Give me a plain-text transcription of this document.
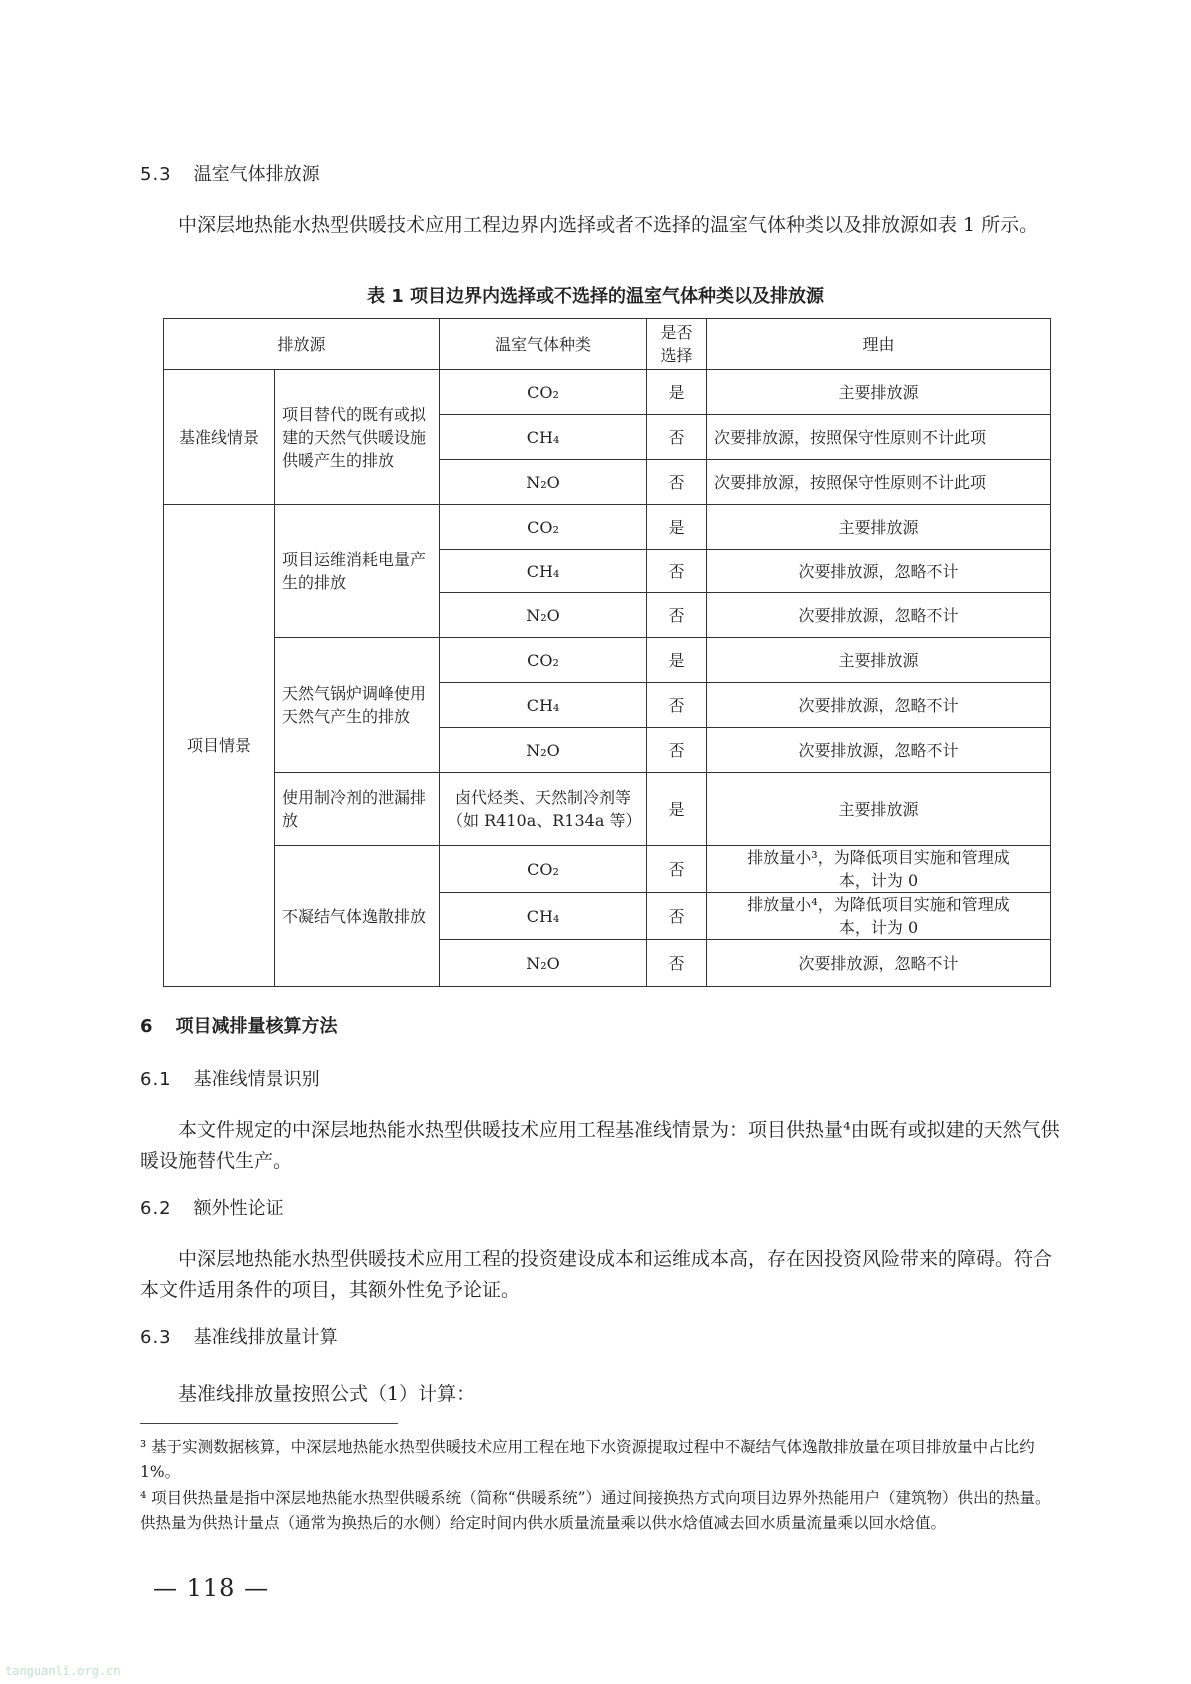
5.3 温室气体排放源
中深层地热能水热型供暖技术应用工程边界内选择或者不选择的温室气体种类以及排放源如表 1 所示。
表 1 项目边界内选择或不选择的温室气体种类以及排放源
排放源		温室气体种类	是否选择	理由
基准线情景	项目替代的既有或拟建的天然气供暖设施供暖产生的排放	CO₂	是	主要排放源
		CH₄	否	次要排放源，按照保守性原则不计此项
		N₂O	否	次要排放源，按照保守性原则不计此项
项目情景	项目运维消耗电量产生的排放	CO₂	是	主要排放源
		CH₄	否	次要排放源，忽略不计
		N₂O	否	次要排放源，忽略不计
	天然气锅炉调峰使用天然气产生的排放	CO₂	是	主要排放源
		CH₄	否	次要排放源，忽略不计
		N₂O	否	次要排放源，忽略不计
	使用制冷剂的泄漏排放	卤代烃类、天然制冷剂等（如 R410a、R134a 等）	是	主要排放源
	不凝结气体逸散排放	CO₂	否	排放量小³，为降低项目实施和管理成本，计为 0
		CH₄	否	排放量小⁴，为降低项目实施和管理成本，计为 0
		N₂O	否	次要排放源，忽略不计
6 项目减排量核算方法
6.1 基准线情景识别
本文件规定的中深层地热能水热型供暖技术应用工程基准线情景为：项目供热量⁴由既有或拟建的天然气供暖设施替代生产。
6.2 额外性论证
中深层地热能水热型供暖技术应用工程的投资建设成本和运维成本高，存在因投资风险带来的障碍。符合本文件适用条件的项目，其额外性免予论证。
6.3 基准线排放量计算
基准线排放量按照公式（1）计算：
³ 基于实测数据核算，中深层地热能水热型供暖技术应用工程在地下水资源提取过程中不凝结气体逸散排放量在项目排放量中占比约 1%。
⁴ 项目供热量是指中深层地热能水热型供暖系统（简称“供暖系统”）通过间接换热方式向项目边界外热能用户（建筑物）供出的热量。供热量为供热计量点（通常为换热后的水侧）给定时间内供水质量流量乘以供水焓值减去回水质量流量乘以回水焓值。
— 118 —
tanguanli.org.cn
